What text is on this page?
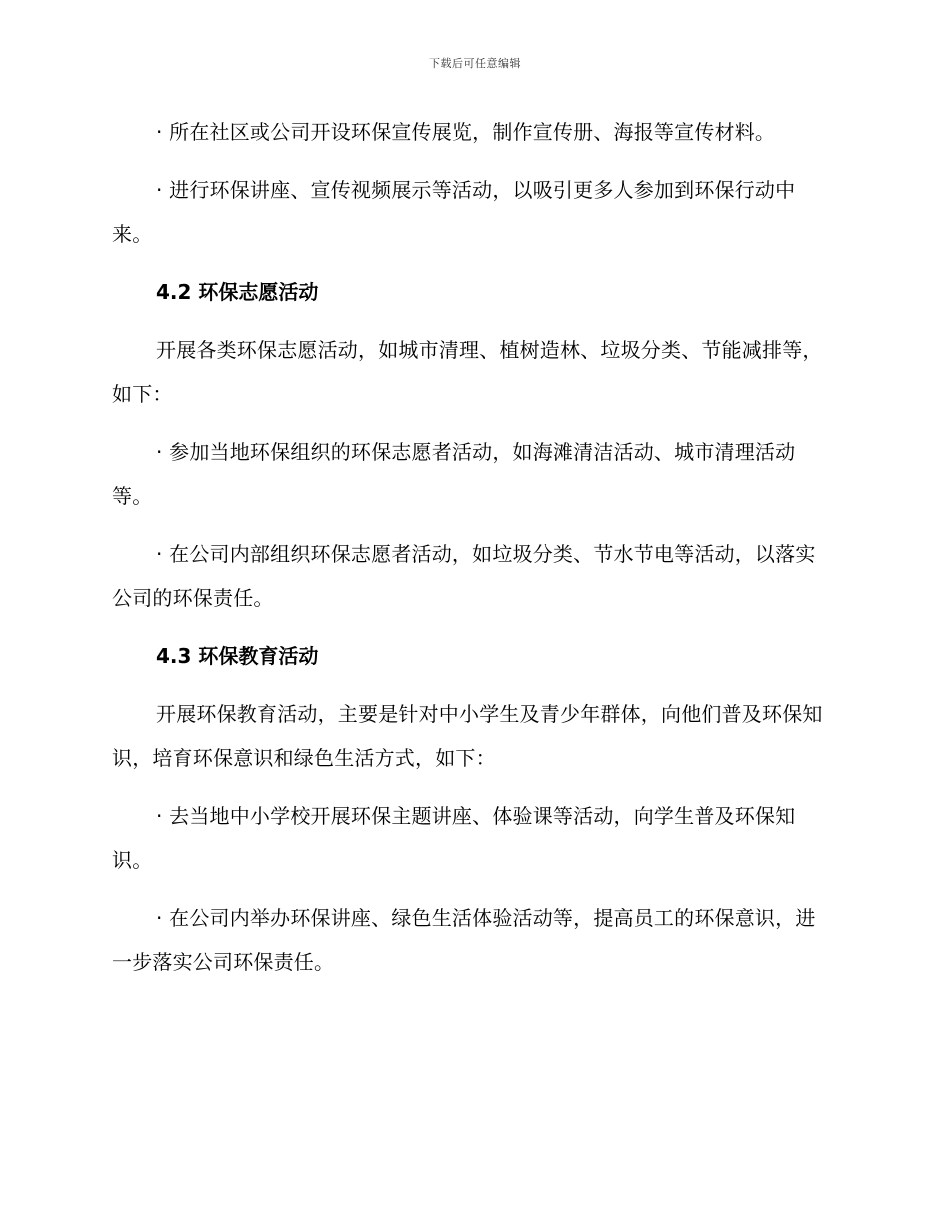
下载后可任意编辑

· 所在社区或公司开设环保宣传展览，制作宣传册、海报等宣传材料。

· 进行环保讲座、宣传视频展示等活动，以吸引更多人参加到环保行动中来。

4.2 环保志愿活动

开展各类环保志愿活动，如城市清理、植树造林、垃圾分类、节能减排等，如下：

· 参加当地环保组织的环保志愿者活动，如海滩清洁活动、城市清理活动等。

· 在公司内部组织环保志愿者活动，如垃圾分类、节水节电等活动，以落实公司的环保责任。

4.3 环保教育活动

开展环保教育活动，主要是针对中小学生及青少年群体，向他们普及环保知识，培育环保意识和绿色生活方式，如下：

· 去当地中小学校开展环保主题讲座、体验课等活动，向学生普及环保知识。

· 在公司内举办环保讲座、绿色生活体验活动等，提高员工的环保意识，进一步落实公司环保责任。
